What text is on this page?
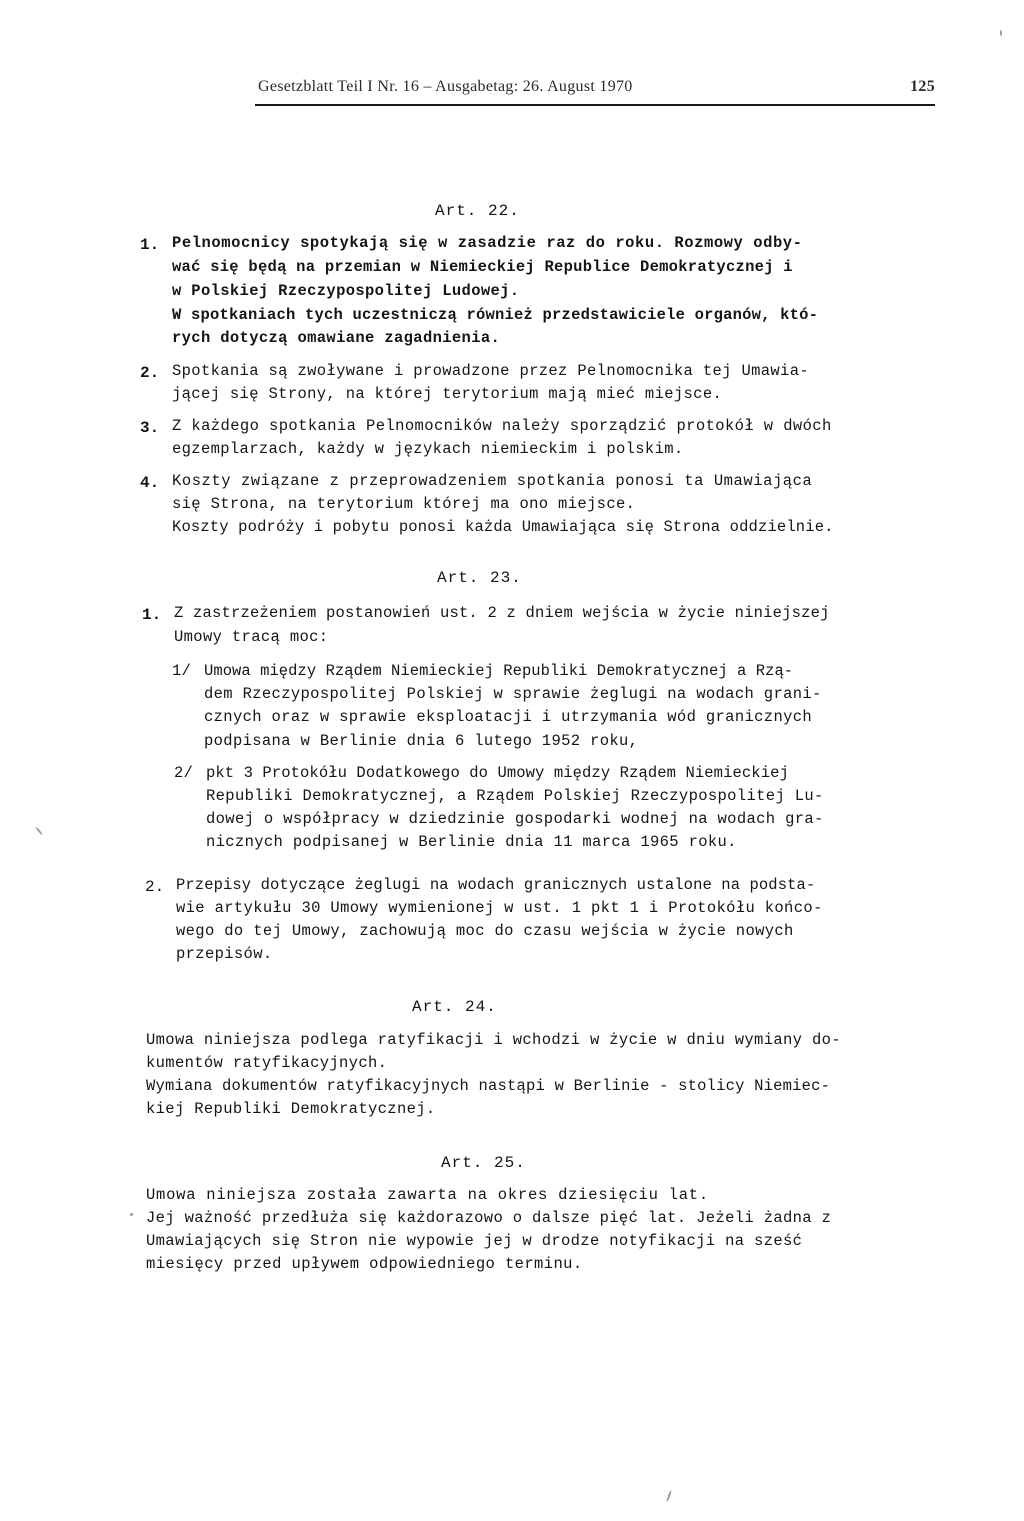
Gesetzblatt Teil I Nr. 16 – Ausgabetag: 26. August 1970	125
Art. 22.
1. Pelnomocnicy spotykają się w zasadzie raz do roku. Rozmowy odby-
wać się będą na przemian w Niemieckiej Republice Demokratycznej i
w Polskiej Rzeczypospolitej Ludowej.
W spotkaniach tych uczestniczą również przedstawiciele organów, któ-
rych dotyczą omawiane zagadnienia.
2. Spotkania są zwoływane i prowadzone przez Pelnomocnika tej Umawia-
jącej się Strony, na której terytorium mają mieć miejsce.
3. Z każdego spotkania Pelnomocników należy sporządzić protokół w dwóch
egzemplarzach, każdy w językach niemieckim i polskim.
4. Koszty związane z przeprowadzeniem spotkania ponosi ta Umawiająca
się Strona, na terytorium której ma ono miejsce.
Koszty podróży i pobytu ponosi każda Umawiająca się Strona oddzielnie.
Art. 23.
1. Z zastrzeżeniem postanowień ust. 2 z dniem wejścia w życie niniejszej
Umowy tracą moc:
1/ Umowa między Rządem Niemieckiej Republiki Demokratycznej a Rzą-
dem Rzeczypospolitej Polskiej w sprawie żeglugi na wodach grani-
cznych oraz w sprawie eksploatacji i utrzymania wód granicznych
podpisana w Berlinie dnia 6 lutego 1952 roku,
2/ pkt 3 Protokółu Dodatkowego do Umowy między Rządem Niemieckiej
Republiki Demokratycznej, a Rządem Polskiej Rzeczypospolitej Lu-
dowej o współpracy w dziedzinie gospodarki wodnej na wodach gra-
nicznych podpisanej w Berlinie dnia 11 marca 1965 roku.
2. Przepisy dotyczące żeglugi na wodach granicznych ustalone na podsta-
wie artykułu 30 Umowy wymienionej w ust. 1 pkt 1 i Protokółu końco-
wego do tej Umowy, zachowują moc do czasu wejścia w życie nowych
przepisów.
Art. 24.
Umowa niniejsza podlega ratyfikacji i wchodzi w życie w dniu wymiany do-
kumentów ratyfikacyjnych.
Wymiana dokumentów ratyfikacyjnych nastąpi w Berlinie - stolicy Niemiec-
kiej Republiki Demokratycznej.
Art. 25.
Umowa niniejsza została zawarta na okres dziesięciu lat.
Jej ważność przedłuża się każdorazowo o dalsze pięć lat. Jeżeli żadna z
Umawiających się Stron nie wypowie jej w drodze notyfikacji na sześć
miesięcy przed upływem odpowiedniego terminu.
